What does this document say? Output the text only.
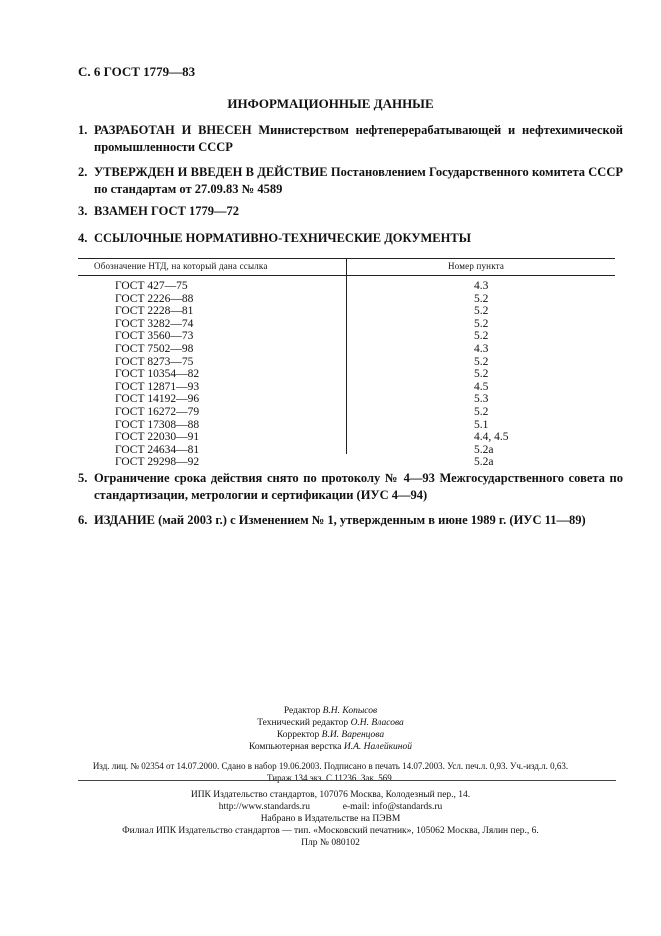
С. 6 ГОСТ 1779—83
ИНФОРМАЦИОННЫЕ ДАННЫЕ
1. РАЗРАБОТАН И ВНЕСЕН Министерством нефтеперерабатывающей и нефтехимической промышленности СССР
2. УТВЕРЖДЕН И ВВЕДЕН В ДЕЙСТВИЕ Постановлением Государственного комитета СССР по стандартам от 27.09.83 № 4589
3. ВЗАМЕН ГОСТ 1779—72
4. ССЫЛОЧНЫЕ НОРМАТИВНО-ТЕХНИЧЕСКИЕ ДОКУМЕНТЫ
Обозначение НТД, на который дана ссылка	Номер пункта
ГОСТ 427—75	4.3
ГОСТ 2226—88	5.2
ГОСТ 2228—81	5.2
ГОСТ 3282—74	5.2
ГОСТ 3560—73	5.2
ГОСТ 7502—98	4.3
ГОСТ 8273—75	5.2
ГОСТ 10354—82	5.2
ГОСТ 12871—93	4.5
ГОСТ 14192—96	5.3
ГОСТ 16272—79	5.2
ГОСТ 17308—88	5.1
ГОСТ 22030—91	4.4, 4.5
ГОСТ 24634—81	5.2а
ГОСТ 29298—92	5.2а
5. Ограничение срока действия снято по протоколу № 4—93 Межгосударственного совета по стандартизации, метрологии и сертификации (ИУС 4—94)
6. ИЗДАНИЕ (май 2003 г.) с Изменением № 1, утвержденным в июне 1989 г. (ИУС 11—89)
Редактор В.Н. Копысов
Технический редактор О.Н. Власова
Корректор В.И. Варенцова
Компьютерная верстка И.А. Налейкиной
Изд. лиц. № 02354 от 14.07.2000. Сдано в набор 19.06.2003. Подписано в печать 14.07.2003. Усл. печ.л. 0,93. Уч.-изд.л. 0,63.
Тираж 134 экз. С 11236. Зак. 569.
ИПК Издательство стандартов, 107076 Москва, Колодезный пер., 14.
http://www.standards.ru	e-mail: info@standards.ru
Набрано в Издательстве на ПЭВМ
Филиал ИПК Издательство стандартов — тип. «Московский печатник», 105062 Москва, Лялин пер., 6.
Плр № 080102
